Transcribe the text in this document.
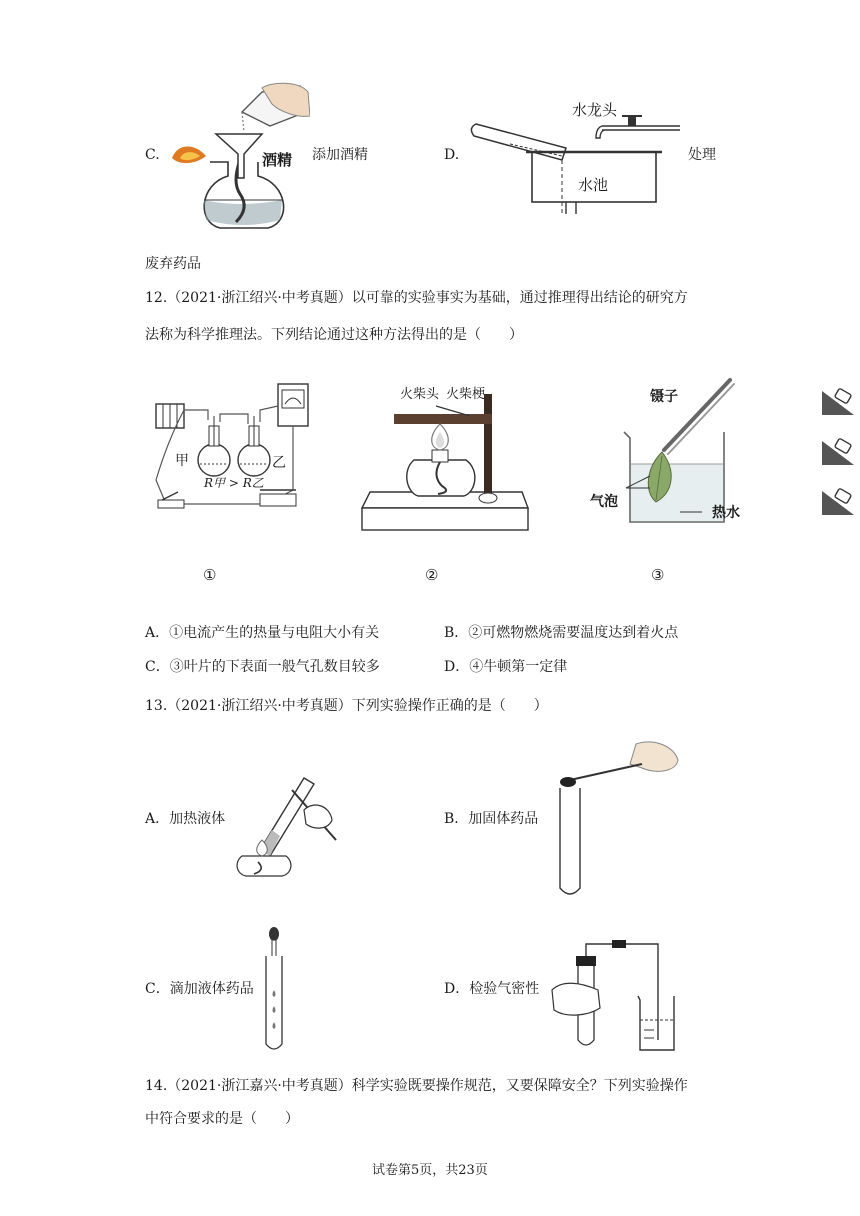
C.	酒精 添加酒精	D.
水龙头
水池
处理
废弃药品
12.（2021·浙江绍兴·中考真题）以可靠的实验事实为基础，通过推理得出结论的研究方
法称为科学推理法。下列结论通过这种方法得出的是（　　）
甲	乙
R甲 > R乙
火柴头 火柴梗	镊子
气泡
热水
①	②	③
A．①电流产生的热量与电阻大小有关	B．②可燃物燃烧需要温度达到着火点
C．③叶片的下表面一般气孔数目较多	D．④牛顿第一定律
13.（2021·浙江绍兴·中考真题）下列实验操作正确的是（　　）
A．加热液体	B．加固体药品
C．滴加液体药品	D．检验气密性
14.（2021·浙江嘉兴·中考真题）科学实验既要操作规范，又要保障安全？下列实验操作
中符合要求的是（　　）
试卷第5页，共23页
